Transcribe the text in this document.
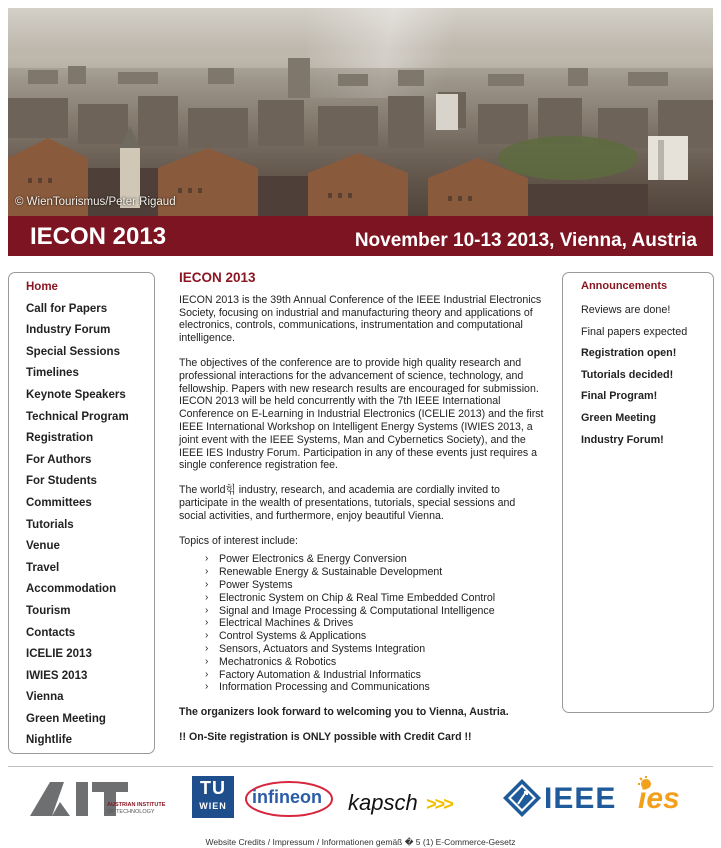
© WienTourismus/Peter Rigaud
IECON 2013	November 10-13 2013, Vienna, Austria
Home
Call for Papers
Industry Forum
Special Sessions
Timelines
Keynote Speakers
Technical Program
Registration
For Authors
For Students
Committees
Tutorials
Venue
Travel
Accommodation
Tourism
Contacts
ICELIE 2013
IWIES 2013
Vienna
Green Meeting
Nightlife
IECON 2013

IECON 2013 is the 39th Annual Conference of the IEEE Industrial Electronics Society, focusing on industrial and manufacturing theory and applications of electronics, controls, communications, instrumentation and computational intelligence.

The objectives of the conference are to provide high quality research and professional interactions for the advancement of science, technology, and fellowship. Papers with new research results are encouraged for submission. IECON 2013 will be held concurrently with the 7th IEEE International Conference on E-Learning in Industrial Electronics (ICELIE 2013) and the first IEEE International Workshop on Intelligent Energy Systems (IWIES 2013, a joint event with the IEEE Systems, Man and Cybernetics Society), and the IEEE IES Industry Forum. Participation in any of these events just requires a single conference registration fee.

The world힊 industry, research, and academia are cordially invited to participate in the wealth of presentations, tutorials, special sessions and social activities, and furthermore, enjoy beautiful Vienna.

Topics of interest include:

› Power Electronics & Energy Conversion
› Renewable Energy & Sustainable Development
› Power Systems
› Electronic System on Chip & Real Time Embedded Control
› Signal and Image Processing & Computational Intelligence
› Electrical Machines & Drives
› Control Systems & Applications
› Sensors, Actuators and Systems Integration
› Mechatronics & Robotics
› Factory Automation & Industrial Informatics
› Information Processing and Communications

The organizers look forward to welcoming you to Vienna, Austria.

!! On-Site registration is ONLY possible with Credit Card !!

Announcements
Reviews are done!
Final papers expected
Registration open!
Tutorials decided!
Final Program!
Green Meeting
Industry Forum!
AUSTRIAN INSTITUTE
OF TECHNOLOGY
TU
WIEN	infineon kapsch >>>	IEEE ies
Website Credits / Impressum / Informationen gemäß � 5 (1) E-Commerce-Gesetz
